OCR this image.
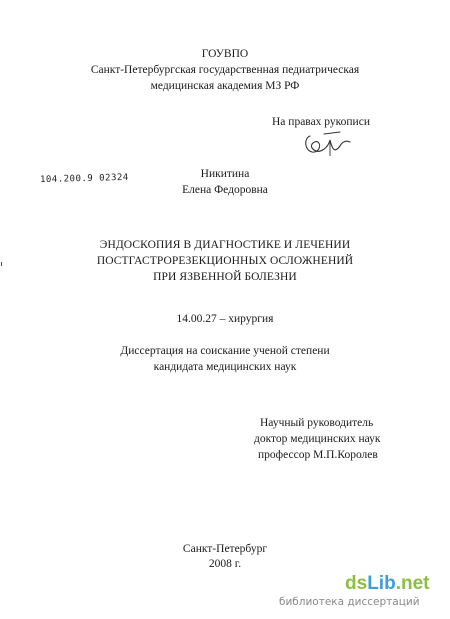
ГОУВПО
Санкт-Петербургская государственная педиатрическая
медицинская академия МЗ РФ
На правах рукописи
104.200.9 02324	Никитина
Елена Федоровна
ЭНДОСКОПИЯ В ДИАГНОСТИКЕ И ЛЕЧЕНИИ
ПОСТГАСТРОРЕЗЕКЦИОННЫХ ОСЛОЖНЕНИЙ
ПРИ ЯЗВЕННОЙ БОЛЕЗНИ
14.00.27 – хирургия
Диссертация на соискание ученой степени
кандидата медицинских наук
Научный руководитель
доктор медицинских наук
профессор М.П.Королев
Санкт-Петербург
2008 г.
dsLib.net
библиотека диссертаций
